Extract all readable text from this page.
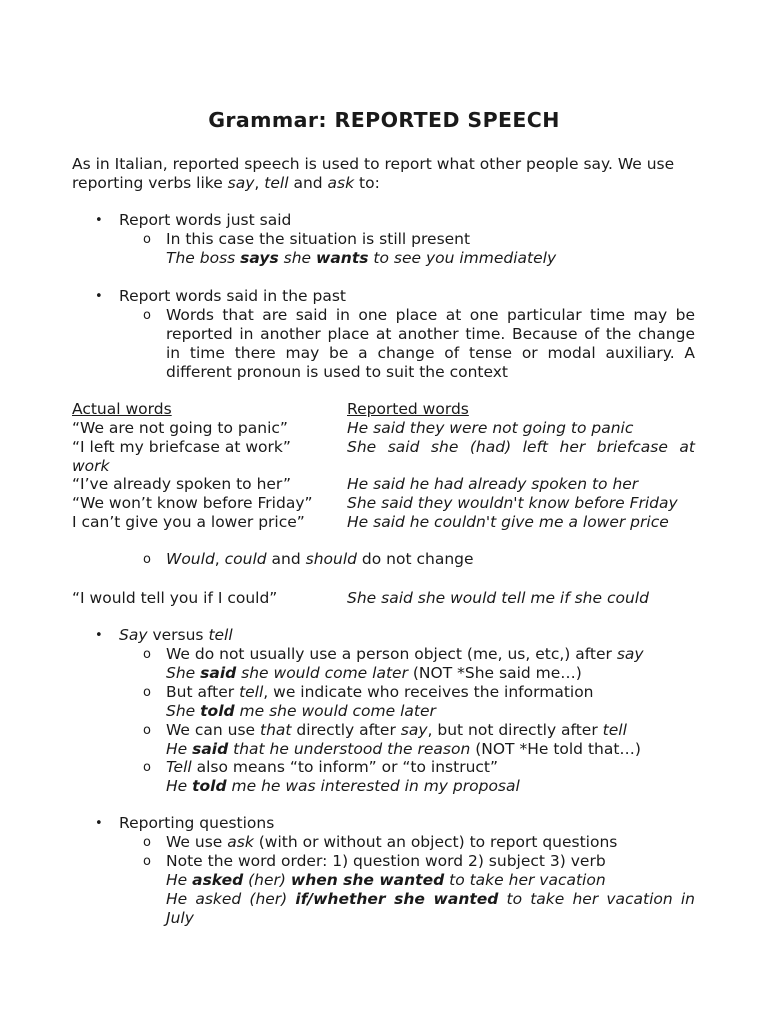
Grammar: REPORTED SPEECH
As in Italian, reported speech is used to report what other people say. We use
reporting verbs like say, tell and ask to:
• Report words just said
o In this case the situation is still present
The boss says she wants to see you immediately
• Report words said in the past
o Words that are said in one place at one particular time may be
reported in another place at another time. Because of the change
in time there may be a change of tense or modal auxiliary. A
different pronoun is used to suit the context
Actual words	Reported words
“We are not going to panic”	He said they were not going to panic
“I left my briefcase at work”	She said she (had) left her briefcase at
work
“I’ve already spoken to her”	He said he had already spoken to her
“We won’t know before Friday” She said they wouldn't know before Friday
I can’t give you a lower price”	He said he couldn't give me a lower price
o Would, could and should do not change
“I would tell you if I could”	She said she would tell me if she could
• Say versus tell
o We do not usually use a person object (me, us, etc,) after say
She said she would come later (NOT *She said me…)
o But after tell, we indicate who receives the information
She told me she would come later
o We can use that directly after say, but not directly after tell
He said that he understood the reason (NOT *He told that…)
o Tell also means “to inform” or “to instruct”
He told me he was interested in my proposal
• Reporting questions
o We use ask (with or without an object) to report questions
o Note the word order: 1) question word 2) subject 3) verb
He asked (her) when she wanted to take her vacation
He asked (her) if/whether she wanted to take her vacation in
July
